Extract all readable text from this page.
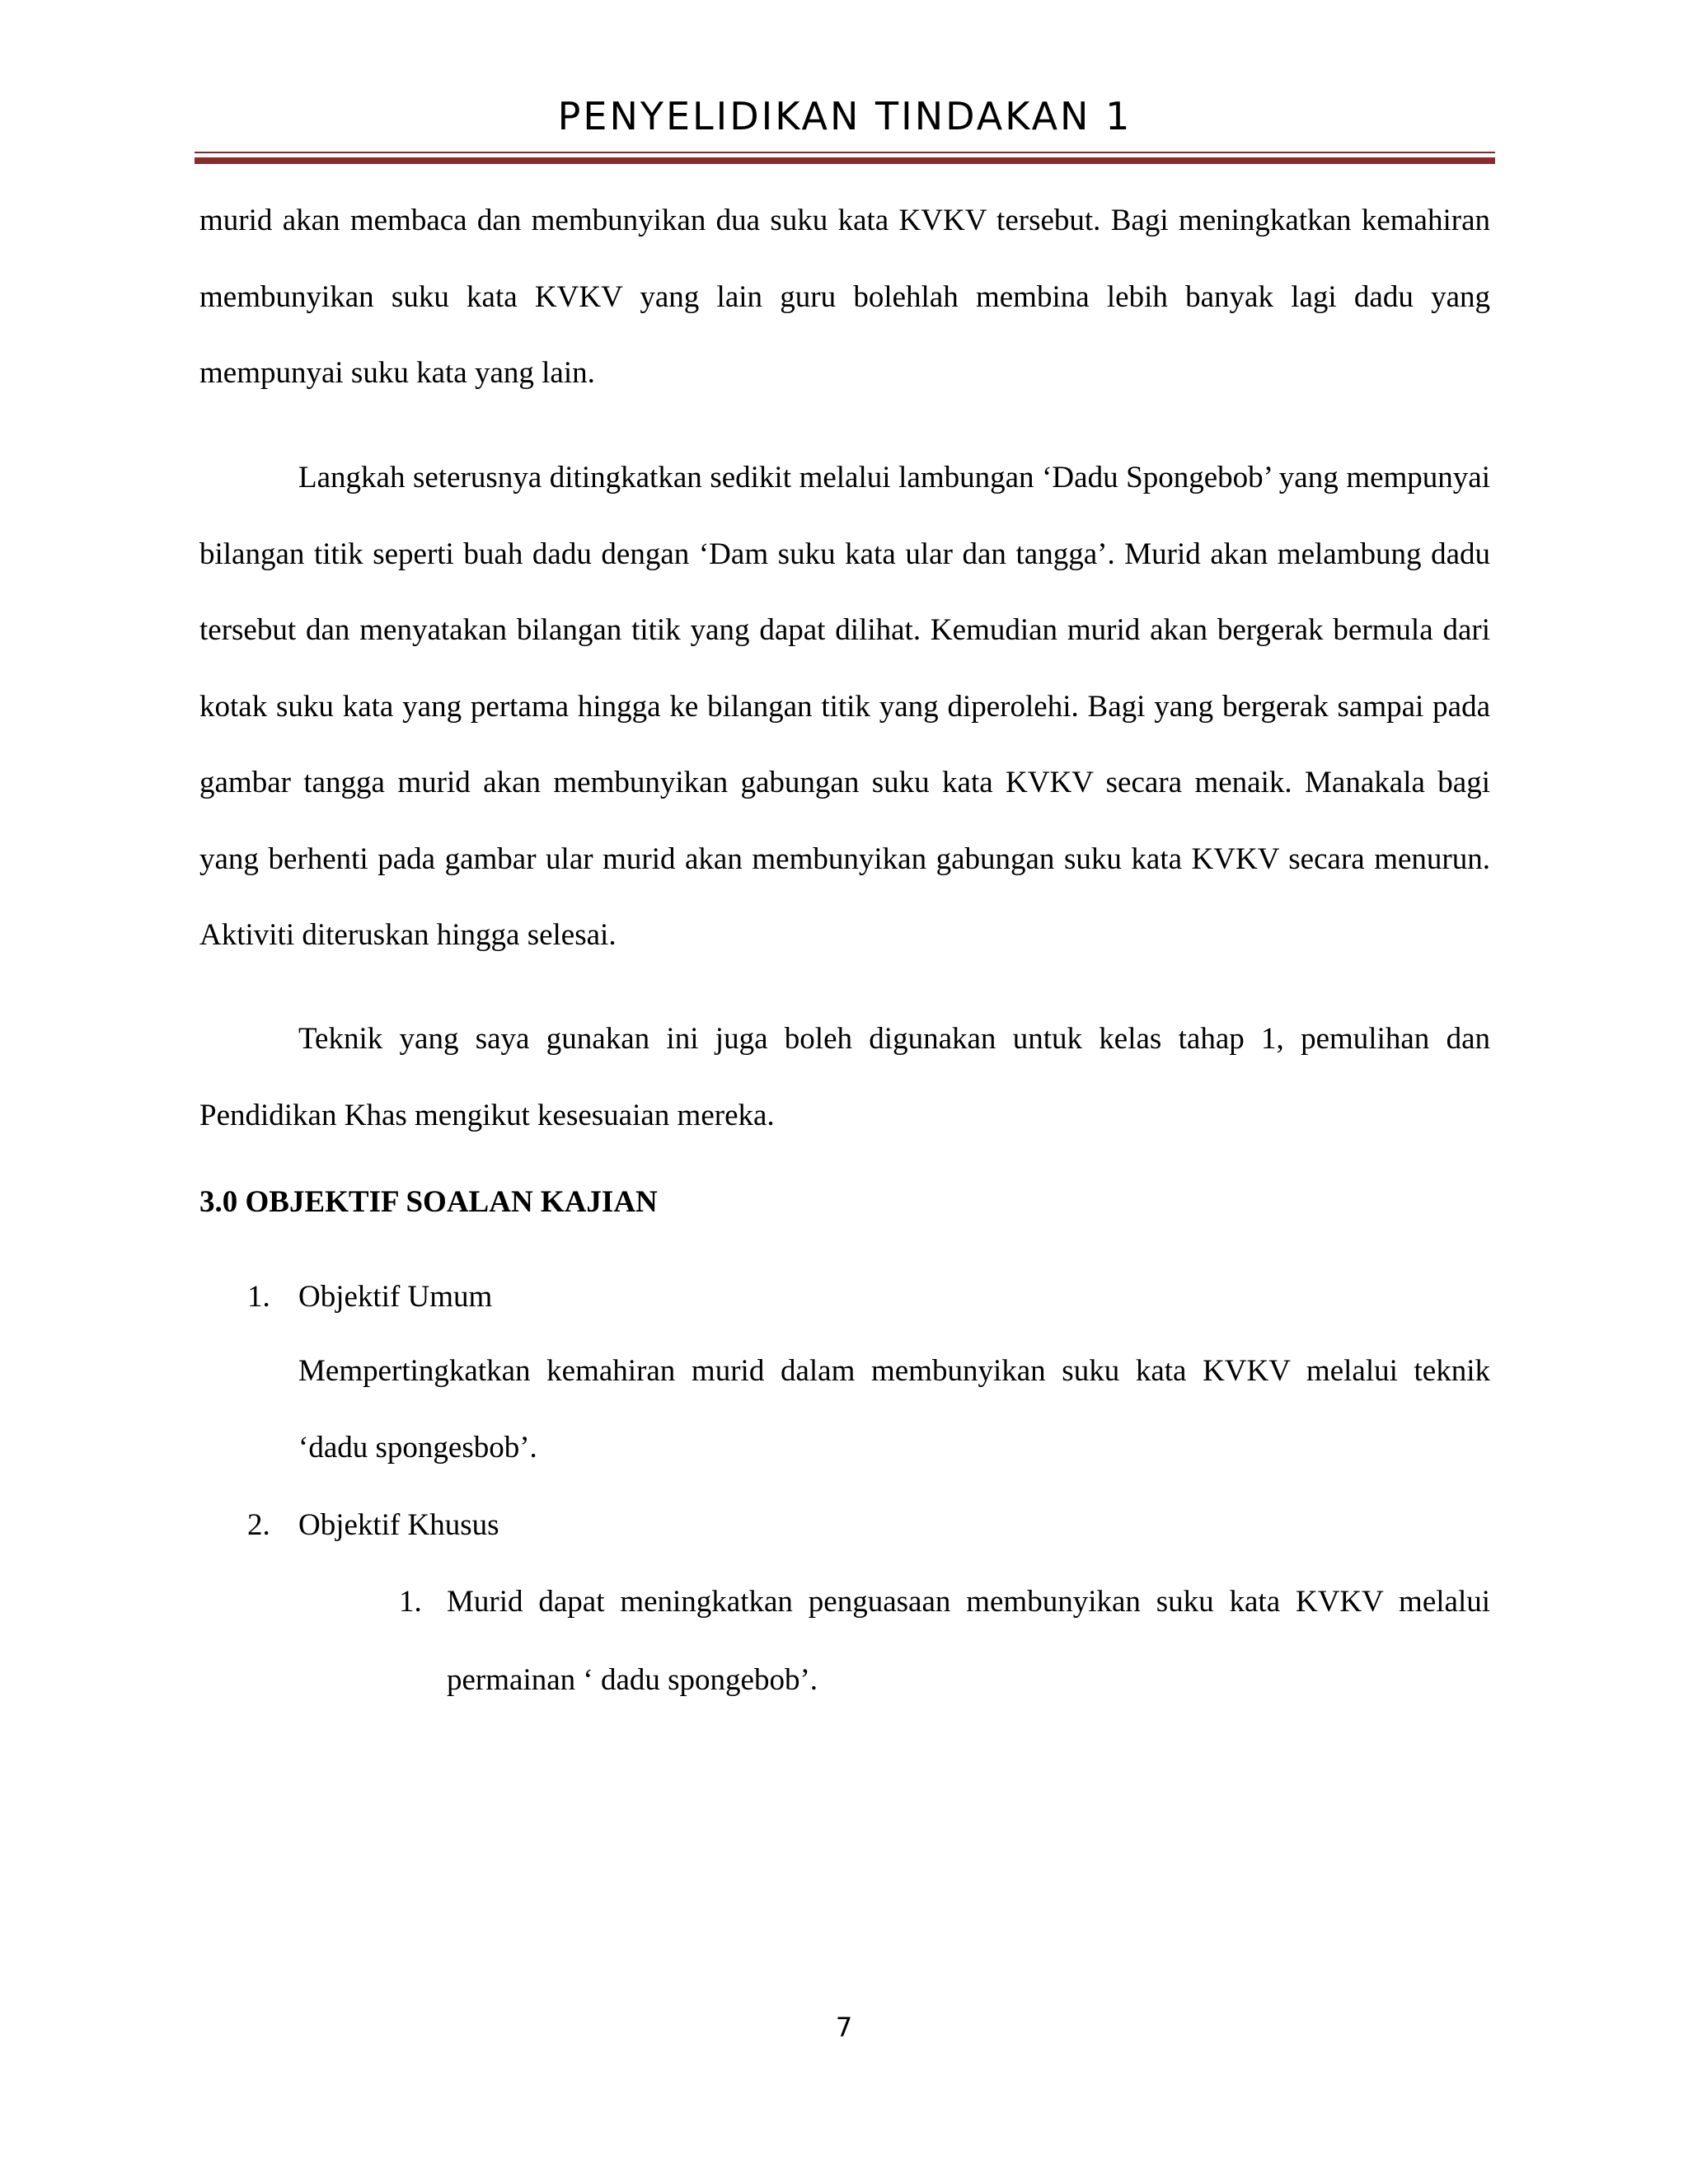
PENYELIDIKAN TINDAKAN 1

murid akan membaca dan membunyikan dua suku kata KVKV tersebut. Bagi meningkatkan kemahiran membunyikan suku kata KVKV yang lain guru bolehlah membina lebih banyak lagi dadu yang mempunyai suku kata yang lain.

Langkah seterusnya ditingkatkan sedikit melalui lambungan ‘Dadu Spongebob’ yang mempunyai bilangan titik seperti buah dadu dengan ‘Dam suku kata ular dan tangga’. Murid akan melambung dadu tersebut dan menyatakan bilangan titik yang dapat dilihat. Kemudian murid akan bergerak bermula dari kotak suku kata yang pertama hingga ke bilangan titik yang diperolehi. Bagi yang bergerak sampai pada gambar tangga murid akan membunyikan gabungan suku kata KVKV secara menaik. Manakala bagi yang berhenti pada gambar ular murid akan membunyikan gabungan suku kata KVKV secara menurun. Aktiviti diteruskan hingga selesai.

Teknik yang saya gunakan ini juga boleh digunakan untuk kelas tahap 1, pemulihan dan Pendidikan Khas mengikut kesesuaian mereka.

3.0 OBJEKTIF SOALAN KAJIAN
1. Objektif Umum

Mempertingkatkan kemahiran murid dalam membunyikan suku kata KVKV melalui teknik ‘dadu spongesbob’.

2. Objektif Khusus
1. Murid dapat meningkatkan penguasaan membunyikan suku kata KVKV melalui permainan ‘ dadu spongebob’.

7
